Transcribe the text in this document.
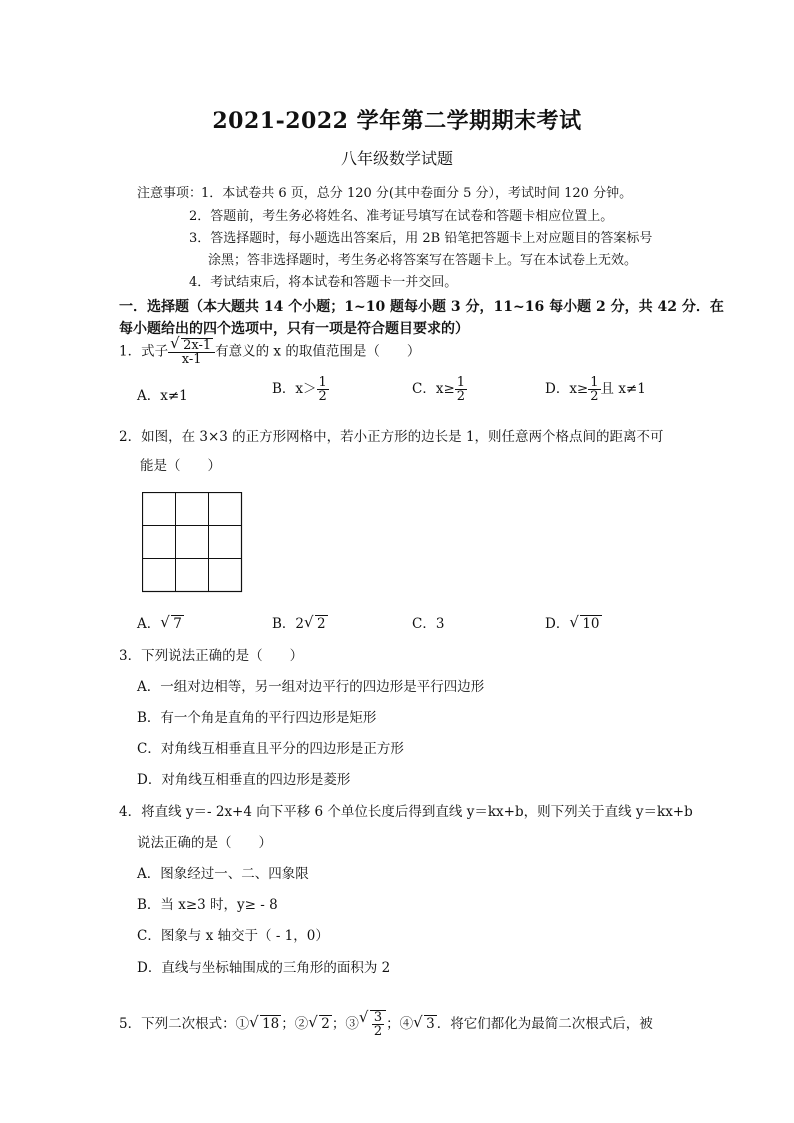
2021-2022 学年第二学期期末考试
八年级数学试题
注意事项：
1．本试卷共 6 页，总分 120 分(其中卷面分 5 分），考试时间 120 分钟。
2．答题前，考生务必将姓名、准考证号填写在试卷和答题卡相应位置上。
3．答选择题时，每小题选出答案后，用 2B 铅笔把答题卡上对应题目的答案标号
涂黑；答非选择题时，考生务必将答案写在答题卡上。写在本试卷上无效。
4．考试结束后，将本试卷和答题卡一并交回。
一．选择题（本大题共 14 个小题；1~10 题每小题 3 分，11~16 每小题 2 分，共 42 分．在
每小题给出的四个选项中，只有一项是符合题目要求的）
1．式子 √ $\frac{2x-1}{x-1}$ 有意义的 x 的取值范围是（　　）
A．x≠1	B．$x> \frac{1}{2}$	C．$x\ge \frac{1}{2}$	D．$x\ge \frac{1}{2}$ 且 x≠1
2．如图，在 3×3 的正方形网格中，若小正方形的边长是 1，则任意两个格点间的距离不可
能是（　　）
A． √ 7	B．2 √ 2	C．3	D． √ 10
3．下列说法正确的是（　　）
A．一组对边相等，另一组对边平行的四边形是平行四边形
B．有一个角是直角的平行四边形是矩形
C．对角线互相垂直且平分的四边形是正方形
D．对角线互相垂直的四边形是菱形
4．将直线 y＝- 2x+4 向下平移 6 个单位长度后得到直线 y＝kx+b，则下列关于直线 y＝kx+b
说法正确的是（　　）
A．图象经过一、二、四象限
B．当 x≥3 时，y≥ - 8
C．图象与 x 轴交于（ - 1，0）
D．直线与坐标轴围成的三角形的面积为 2
5．下列二次根式：① √ 18 ；② √ 2 ；③ √ $\frac{3}{2}$ ；④ √ 3 ．将它们都化为最简二次根式后，被
